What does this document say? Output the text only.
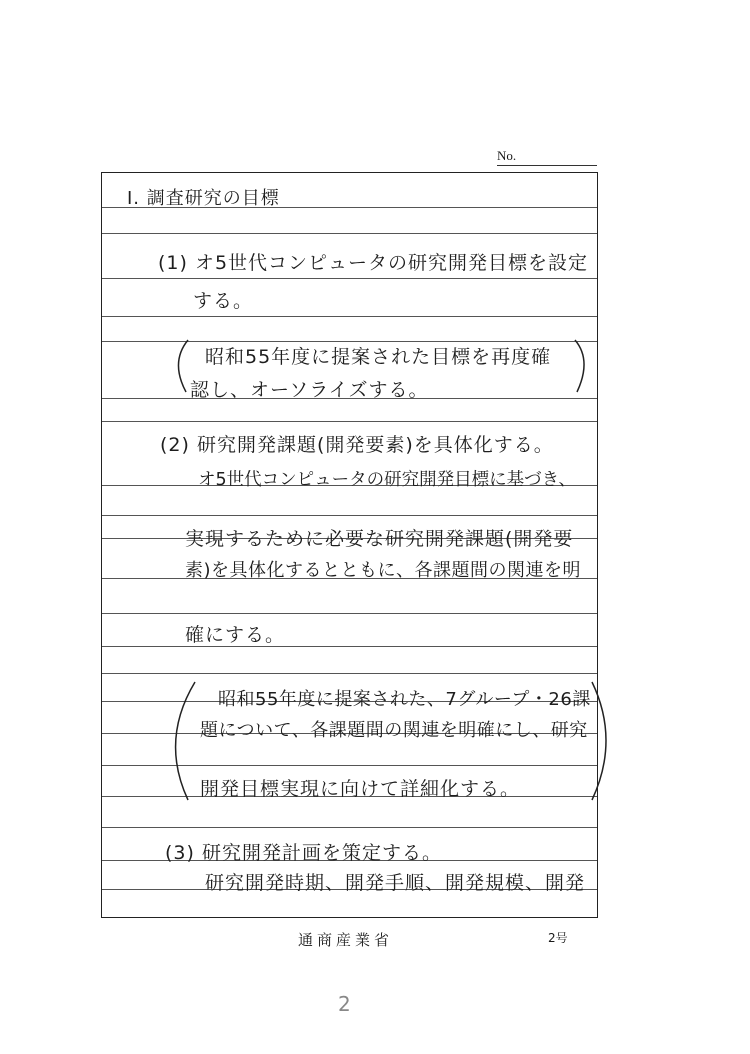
No.
I. 調査研究の目標
(1) オ5世代コンピュータの研究開発目標を設定
する。
昭和55年度に提案された目標を再度確
認し、オーソライズする。
(2) 研究開発課題(開発要素)を具体化する。
オ5世代コンピュータの研究開発目標に基づき、
実現するために必要な研究開発課題(開発要
素)を具体化するとともに、各課題間の関連を明
確にする。
昭和55年度に提案された、7グループ・26課
題について、各課題間の関連を明確にし、研究
開発目標実現に向けて詳細化する。
(3) 研究開発計画を策定する。
研究開発時期、開発手順、開発規模、開発
通商産業省	2号
2
